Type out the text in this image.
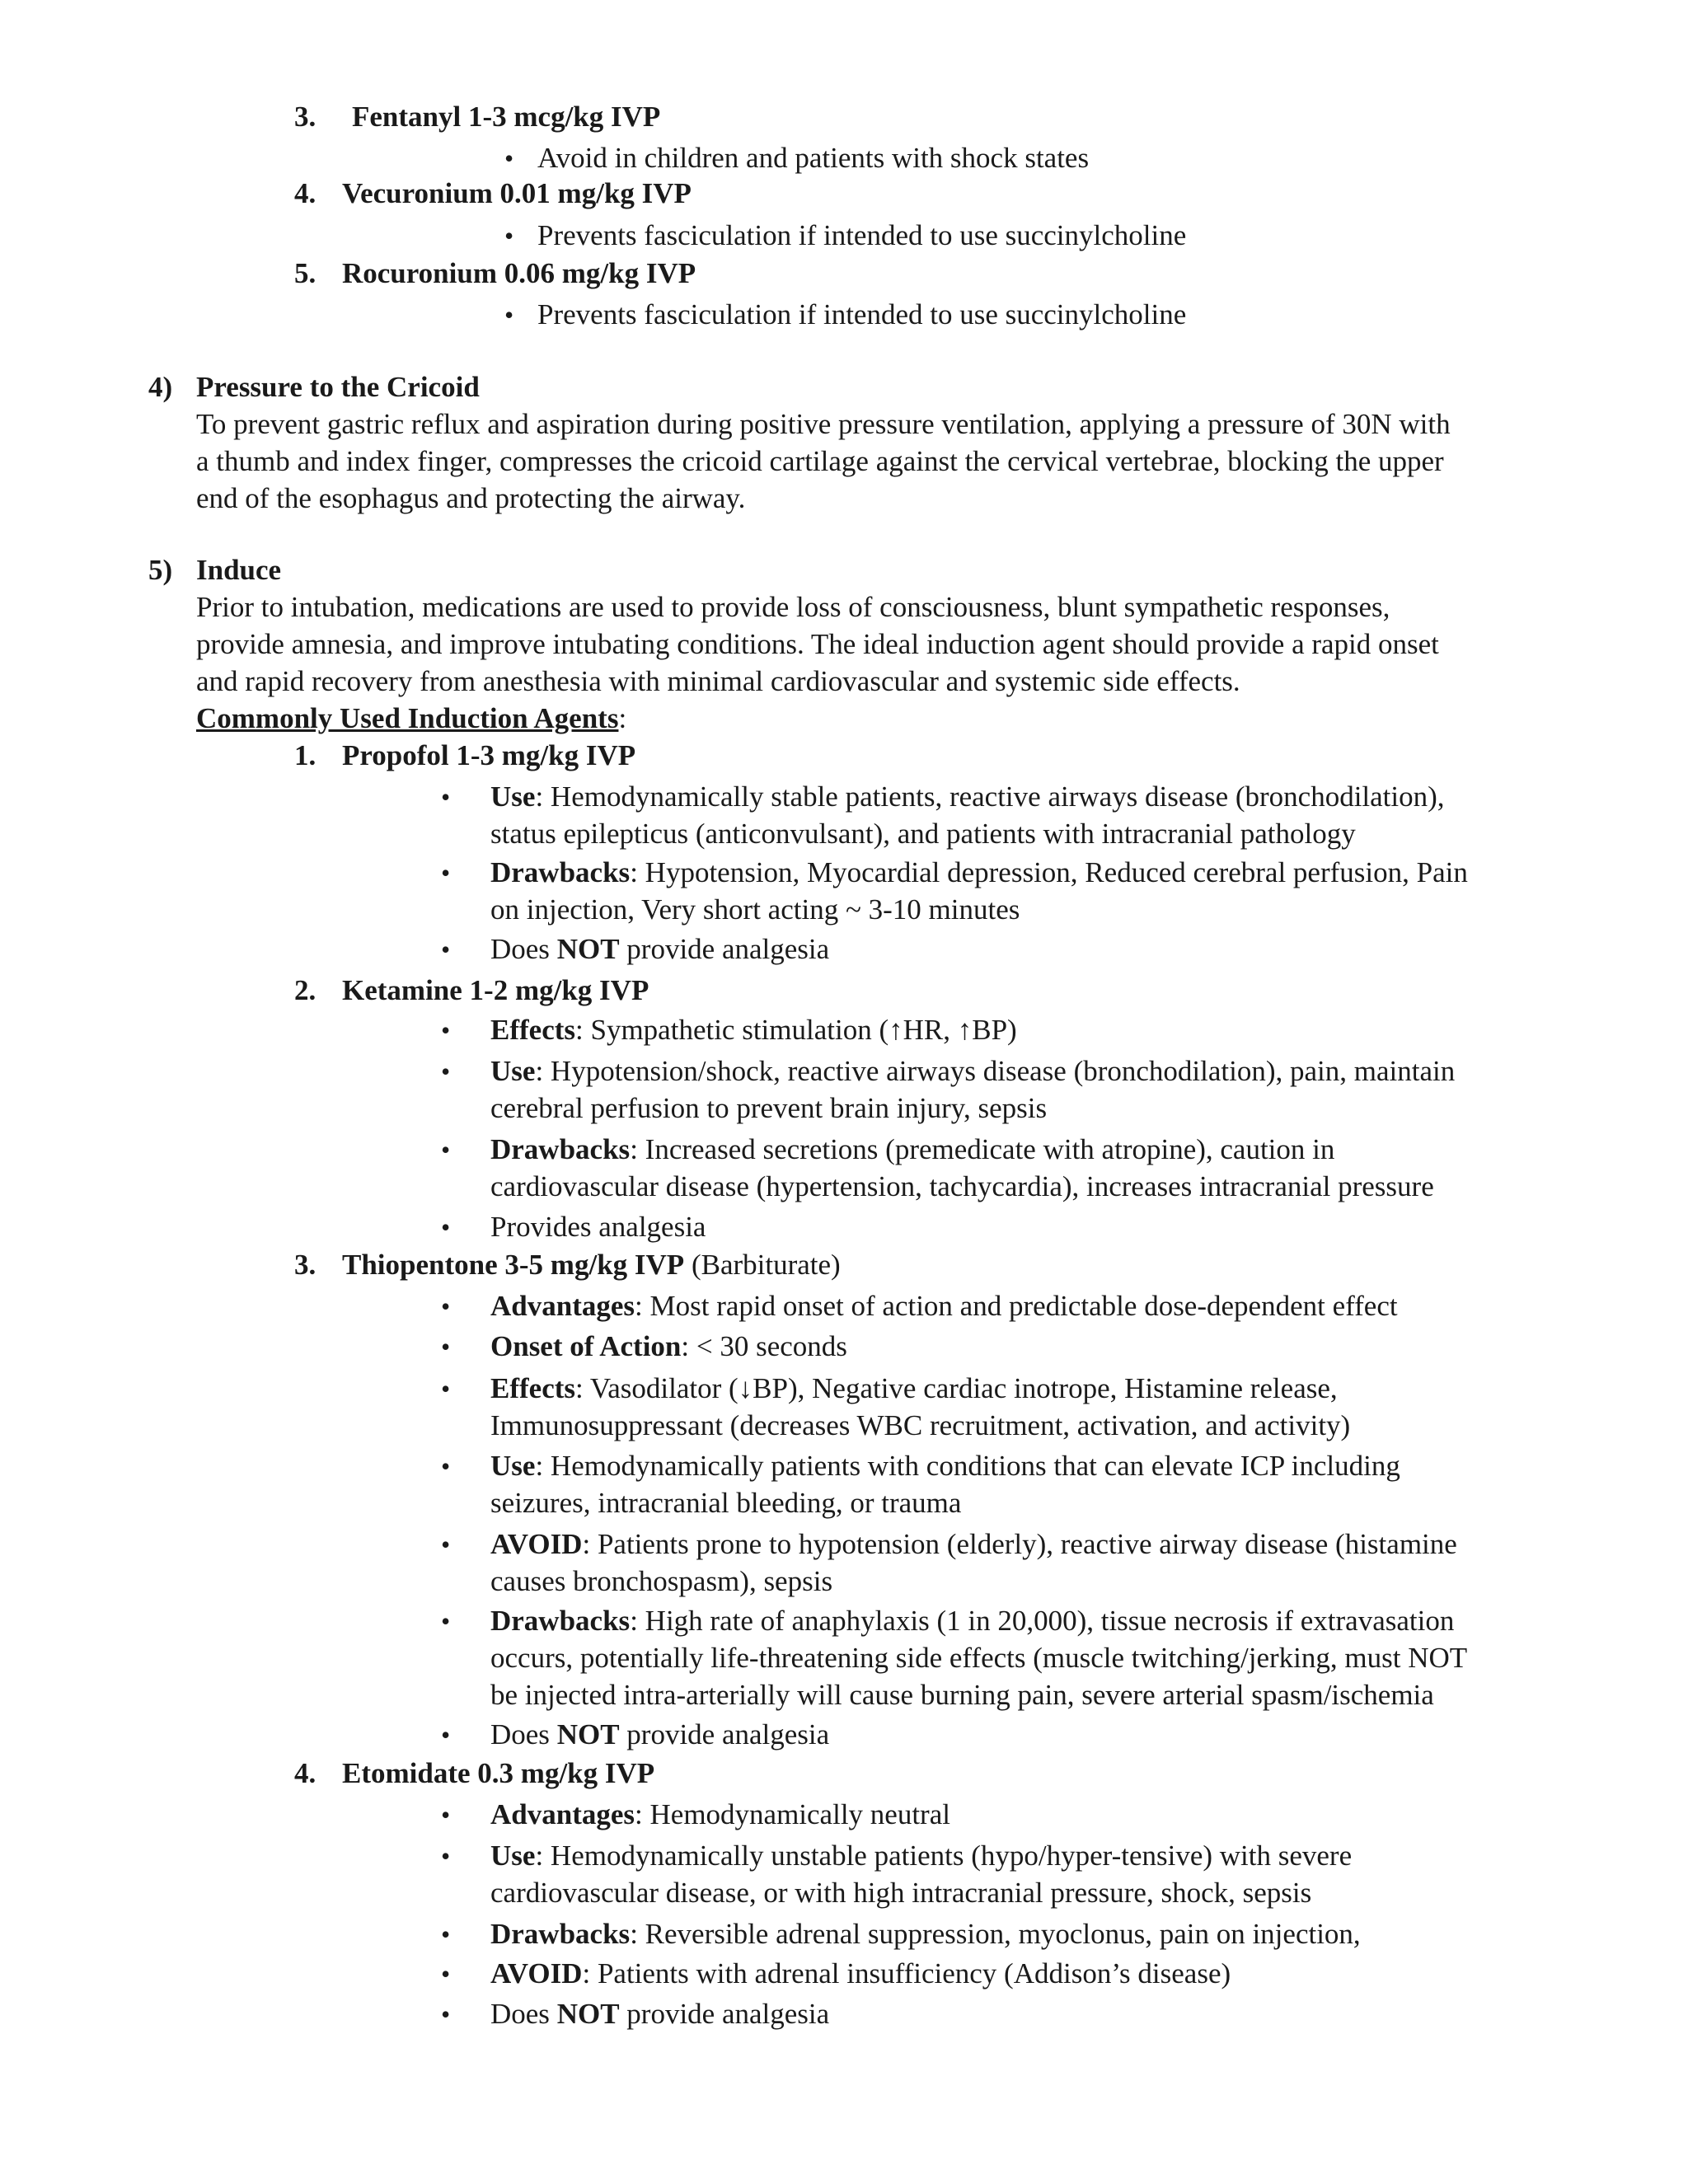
3. Fentanyl 1-3 mcg/kg IVP
• Avoid in children and patients with shock states
4. Vecuronium 0.01 mg/kg IVP
• Prevents fasciculation if intended to use succinylcholine
5. Rocuronium 0.06 mg/kg IVP
• Prevents fasciculation if intended to use succinylcholine
4) Pressure to the Cricoid
To prevent gastric reflux and aspiration during positive pressure ventilation, applying a pressure of 30N with
a thumb and index finger, compresses the cricoid cartilage against the cervical vertebrae, blocking the upper
end of the esophagus and protecting the airway.
5) Induce
Prior to intubation, medications are used to provide loss of consciousness, blunt sympathetic responses,
provide amnesia, and improve intubating conditions. The ideal induction agent should provide a rapid onset
and rapid recovery from anesthesia with minimal cardiovascular and systemic side effects.
Commonly Used Induction Agents:
1. Propofol 1-3 mg/kg IVP
• Use: Hemodynamically stable patients, reactive airways disease (bronchodilation),
status epilepticus (anticonvulsant), and patients with intracranial pathology
• Drawbacks: Hypotension, Myocardial depression, Reduced cerebral perfusion, Pain
on injection, Very short acting ~ 3-10 minutes
• Does NOT provide analgesia
2. Ketamine 1-2 mg/kg IVP
• Effects: Sympathetic stimulation (↑HR, ↑BP)
• Use: Hypotension/shock, reactive airways disease (bronchodilation), pain, maintain
cerebral perfusion to prevent brain injury, sepsis
• Drawbacks: Increased secretions (premedicate with atropine), caution in
cardiovascular disease (hypertension, tachycardia), increases intracranial pressure
• Provides analgesia
3. Thiopentone 3-5 mg/kg IVP (Barbiturate)
• Advantages: Most rapid onset of action and predictable dose-dependent effect
• Onset of Action: < 30 seconds
• Effects: Vasodilator (↓BP), Negative cardiac inotrope, Histamine release,
Immunosuppressant (decreases WBC recruitment, activation, and activity)
• Use: Hemodynamically patients with conditions that can elevate ICP including
seizures, intracranial bleeding, or trauma
• AVOID: Patients prone to hypotension (elderly), reactive airway disease (histamine
causes bronchospasm), sepsis
• Drawbacks: High rate of anaphylaxis (1 in 20,000), tissue necrosis if extravasation
occurs, potentially life-threatening side effects (muscle twitching/jerking, must NOT
be injected intra-arterially will cause burning pain, severe arterial spasm/ischemia
• Does NOT provide analgesia
4. Etomidate 0.3 mg/kg IVP
• Advantages: Hemodynamically neutral
• Use: Hemodynamically unstable patients (hypo/hyper-tensive) with severe
cardiovascular disease, or with high intracranial pressure, shock, sepsis
• Drawbacks: Reversible adrenal suppression, myoclonus, pain on injection,
• AVOID: Patients with adrenal insufficiency (Addison’s disease)
• Does NOT provide analgesia
